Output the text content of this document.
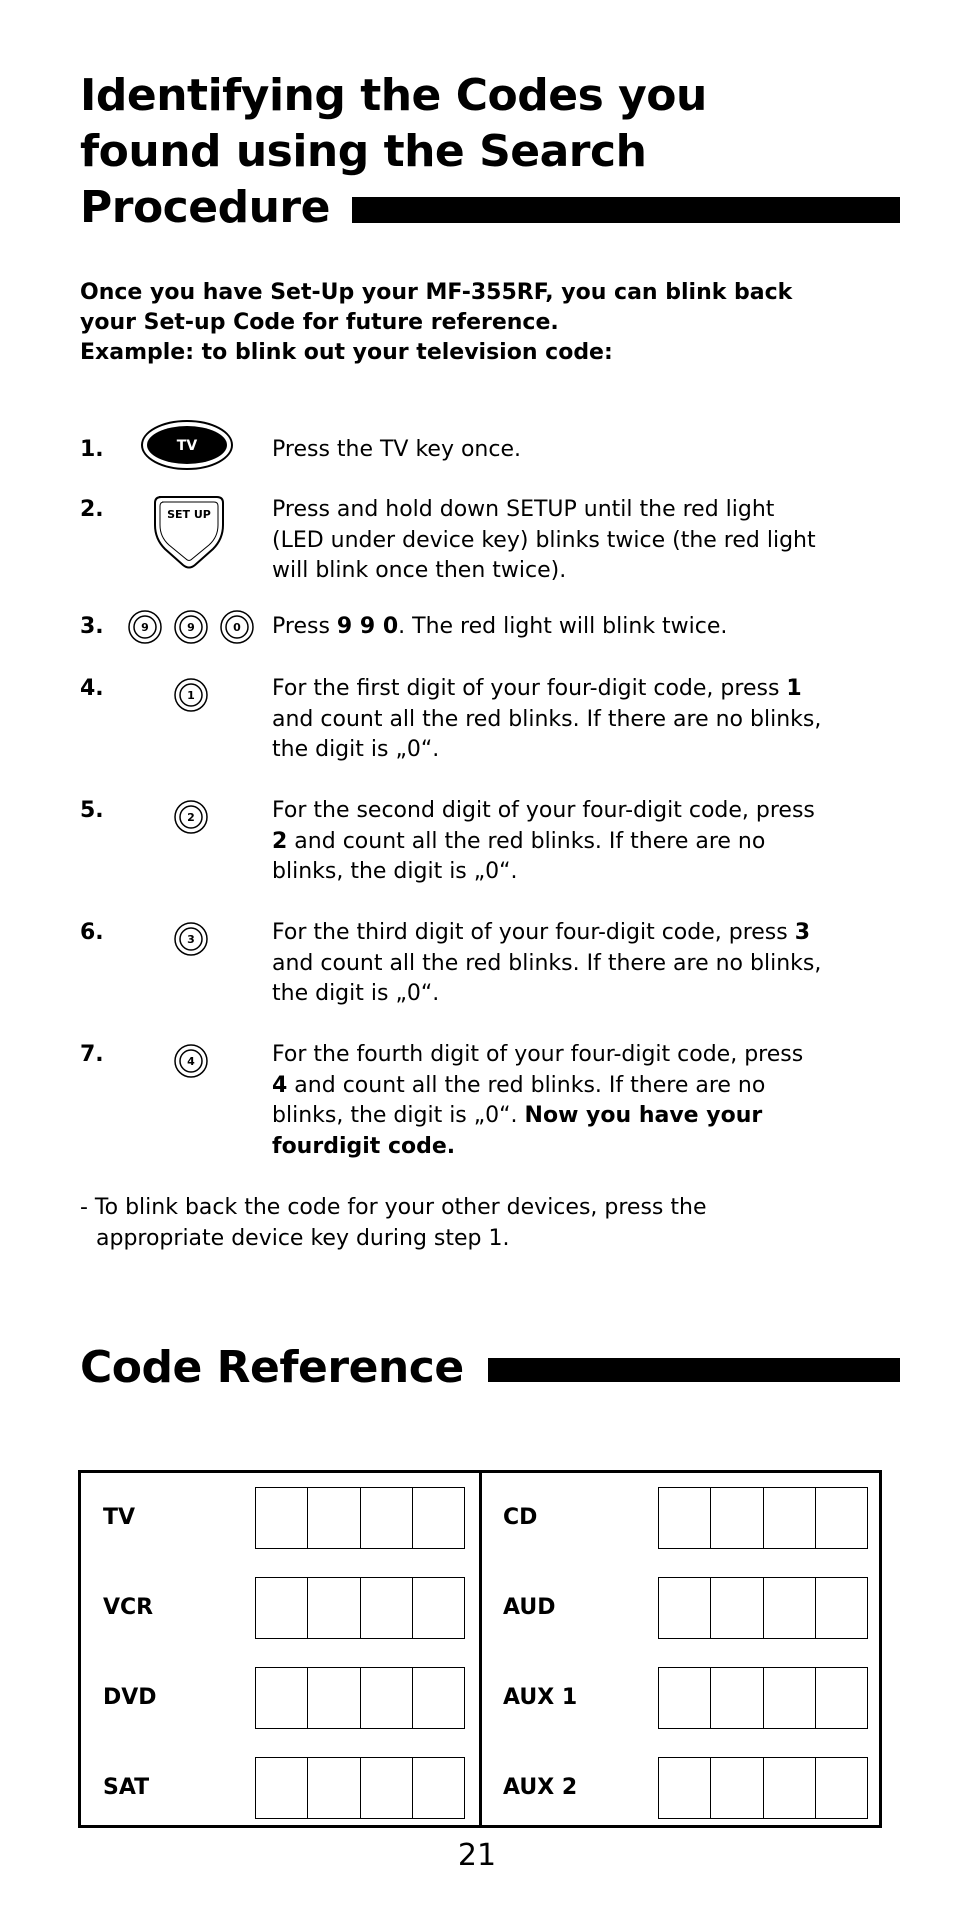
Identifying the Codes you
found using the Search
Procedure
Once you have Set-Up your MF-355RF, you can blink back
your Set-up Code for future reference.
Example: to blink out your television code:
1.	TV	Press the TV key once.
2.	SET UP	Press and hold down SETUP until the red light
(LED under device key) blinks twice (the red light
will blink once then twice).
3.	9	9	0 Press 9 9 0. The red light will blink twice.
4.	1	For the first digit of your four-digit code, press 1
and count all the red blinks. If there are no blinks,
the digit is „0“.
5.	2	For the second digit of your four-digit code, press
2 and count all the red blinks. If there are no
blinks, the digit is „0“.
6.	3	For the third digit of your four-digit code, press 3
and count all the red blinks. If there are no blinks,
the digit is „0“.
7.	4	For the fourth digit of your four-digit code, press
4 and count all the red blinks. If there are no
blinks, the digit is „0“. Now you have your
fourdigit code.
- To blink back the code for your other devices, press the
appropriate device key during step 1.
Code Reference
TV
VCR
DVD
SAT
CD
AUD
AUX 1
AUX 2
21
